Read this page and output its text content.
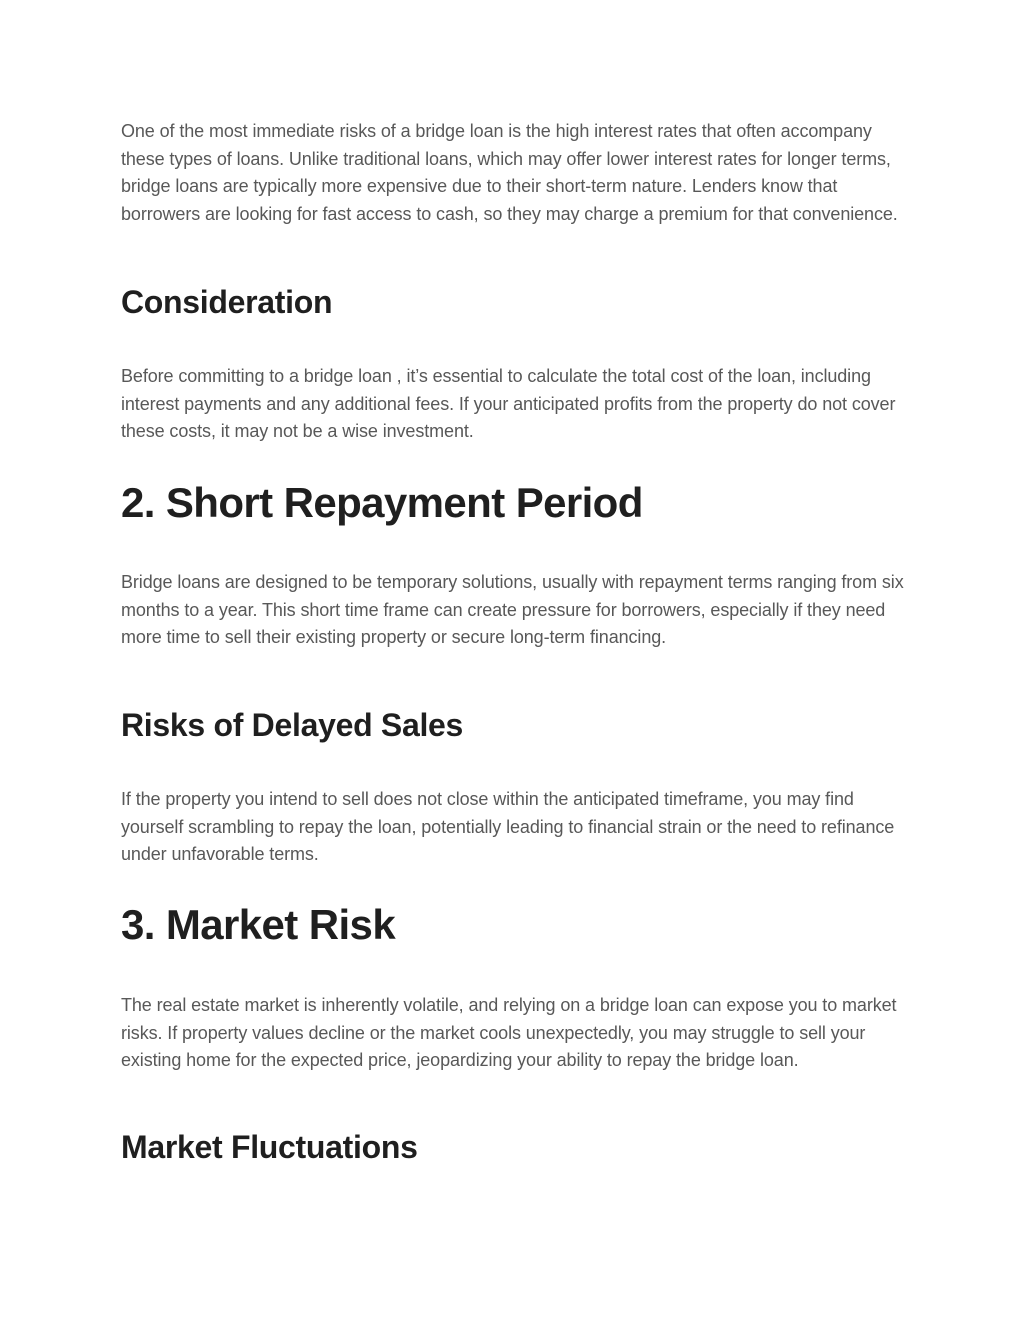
One of the most immediate risks of a bridge loan is the high interest rates that often accompany these types of loans. Unlike traditional loans, which may offer lower interest rates for longer terms, bridge loans are typically more expensive due to their short-term nature. Lenders know that borrowers are looking for fast access to cash, so they may charge a premium for that convenience.

Consideration

Before committing to a bridge loan , it’s essential to calculate the total cost of the loan, including interest payments and any additional fees. If your anticipated profits from the property do not cover these costs, it may not be a wise investment.

2. Short Repayment Period

Bridge loans are designed to be temporary solutions, usually with repayment terms ranging from six months to a year. This short time frame can create pressure for borrowers, especially if they need more time to sell their existing property or secure long-term financing.

Risks of Delayed Sales

If the property you intend to sell does not close within the anticipated timeframe, you may find yourself scrambling to repay the loan, potentially leading to financial strain or the need to refinance under unfavorable terms.

3. Market Risk

The real estate market is inherently volatile, and relying on a bridge loan can expose you to market risks. If property values decline or the market cools unexpectedly, you may struggle to sell your existing home for the expected price, jeopardizing your ability to repay the bridge loan.

Market Fluctuations
